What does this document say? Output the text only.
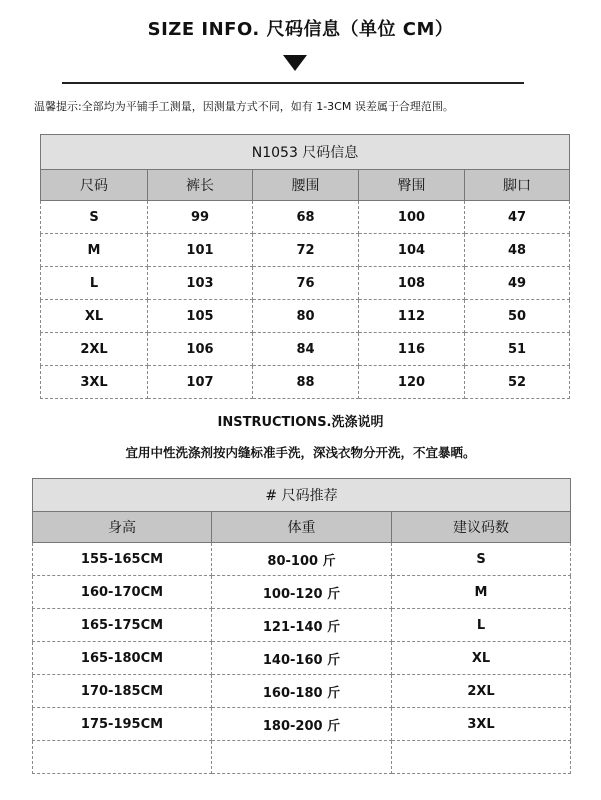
SIZE INFO. 尺码信息（单位 CM）
温馨提示:全部均为平铺手工测量，因测量方式不同，如有 1-3CM 误差属于合理范围。
N1053 尺码信息				
尺码	裤长	腰围	臀围	脚口
S	99	68	100	47
M	101	72	104	48
L	103	76	108	49
XL	105	80	112	50
2XL	106	84	116	51
3XL	107	88	120	52
INSTRUCTIONS.洗涤说明
宜用中性洗涤剂按内缝标准手洗，深浅衣物分开洗，不宜暴晒。
# 尺码推荐		
身高	体重	建议码数
155-165CM	80-100 斤	S
160-170CM	100-120 斤	M
165-175CM	121-140 斤	L
165-180CM	140-160 斤	XL
170-185CM	160-180 斤	2XL
175-195CM	180-200 斤	3XL
